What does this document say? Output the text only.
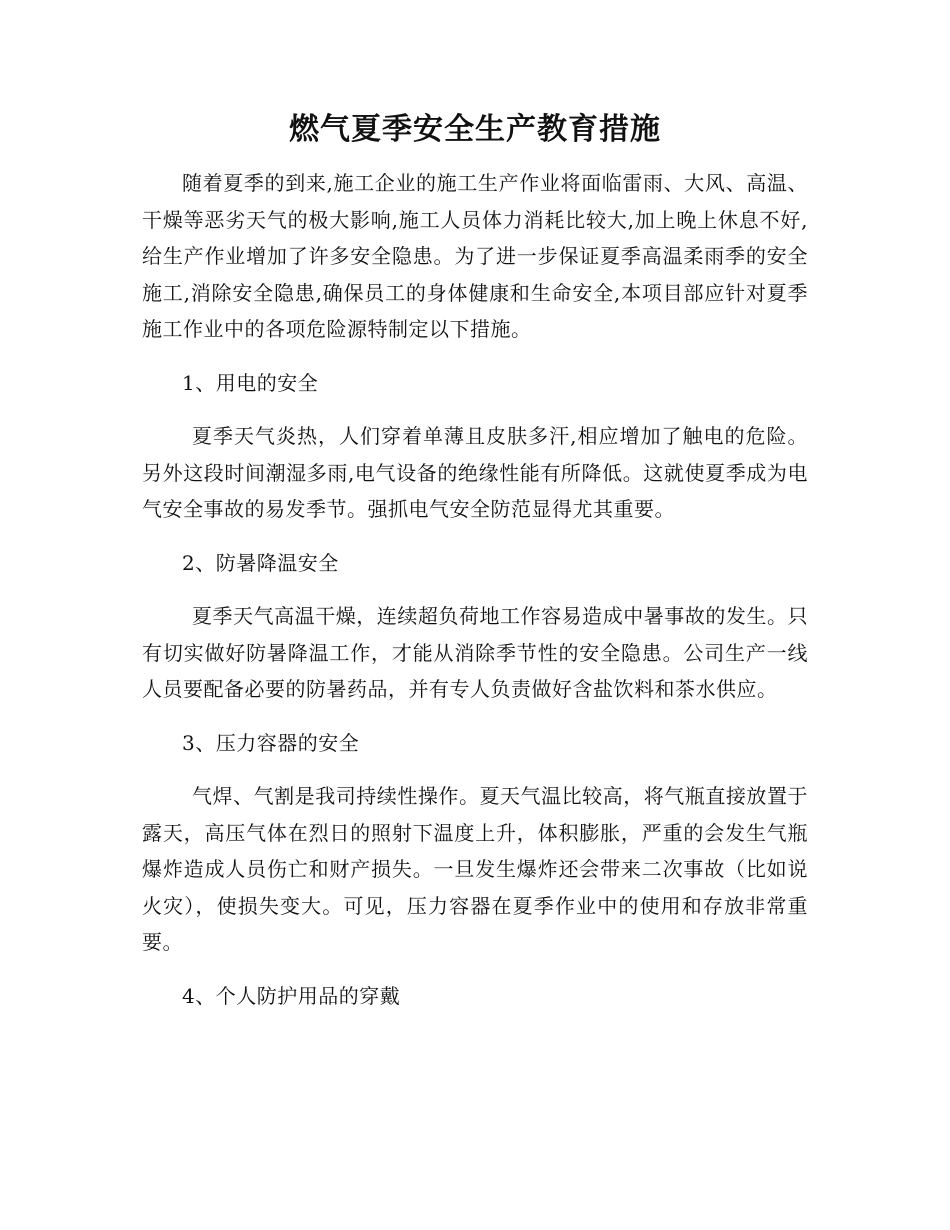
燃气夏季安全生产教育措施

随着夏季的到来,施工企业的施工生产作业将面临雷雨、大风、高温、干燥等恶劣天气的极大影响,施工人员体力消耗比较大,加上晚上休息不好,给生产作业增加了许多安全隐患。为了进一步保证夏季高温柔雨季的安全施工,消除安全隐患,确保员工的身体健康和生命安全,本项目部应针对夏季施工作业中的各项危险源特制定以下措施。

1、用电的安全

夏季天气炎热，人们穿着单薄且皮肤多汗,相应增加了触电的危险。另外这段时间潮湿多雨,电气设备的绝缘性能有所降低。这就使夏季成为电气安全事故的易发季节。强抓电气安全防范显得尤其重要。

2、防暑降温安全

夏季天气高温干燥，连续超负荷地工作容易造成中暑事故的发生。只有切实做好防暑降温工作，才能从消除季节性的安全隐患。公司生产一线人员要配备必要的防暑药品，并有专人负责做好含盐饮料和茶水供应。

3、压力容器的安全

气焊、气割是我司持续性操作。夏天气温比较高，将气瓶直接放置于露天，高压气体在烈日的照射下温度上升，体积膨胀，严重的会发生气瓶爆炸造成人员伤亡和财产损失。一旦发生爆炸还会带来二次事故（比如说火灾），使损失变大。可见，压力容器在夏季作业中的使用和存放非常重要。

4、个人防护用品的穿戴
